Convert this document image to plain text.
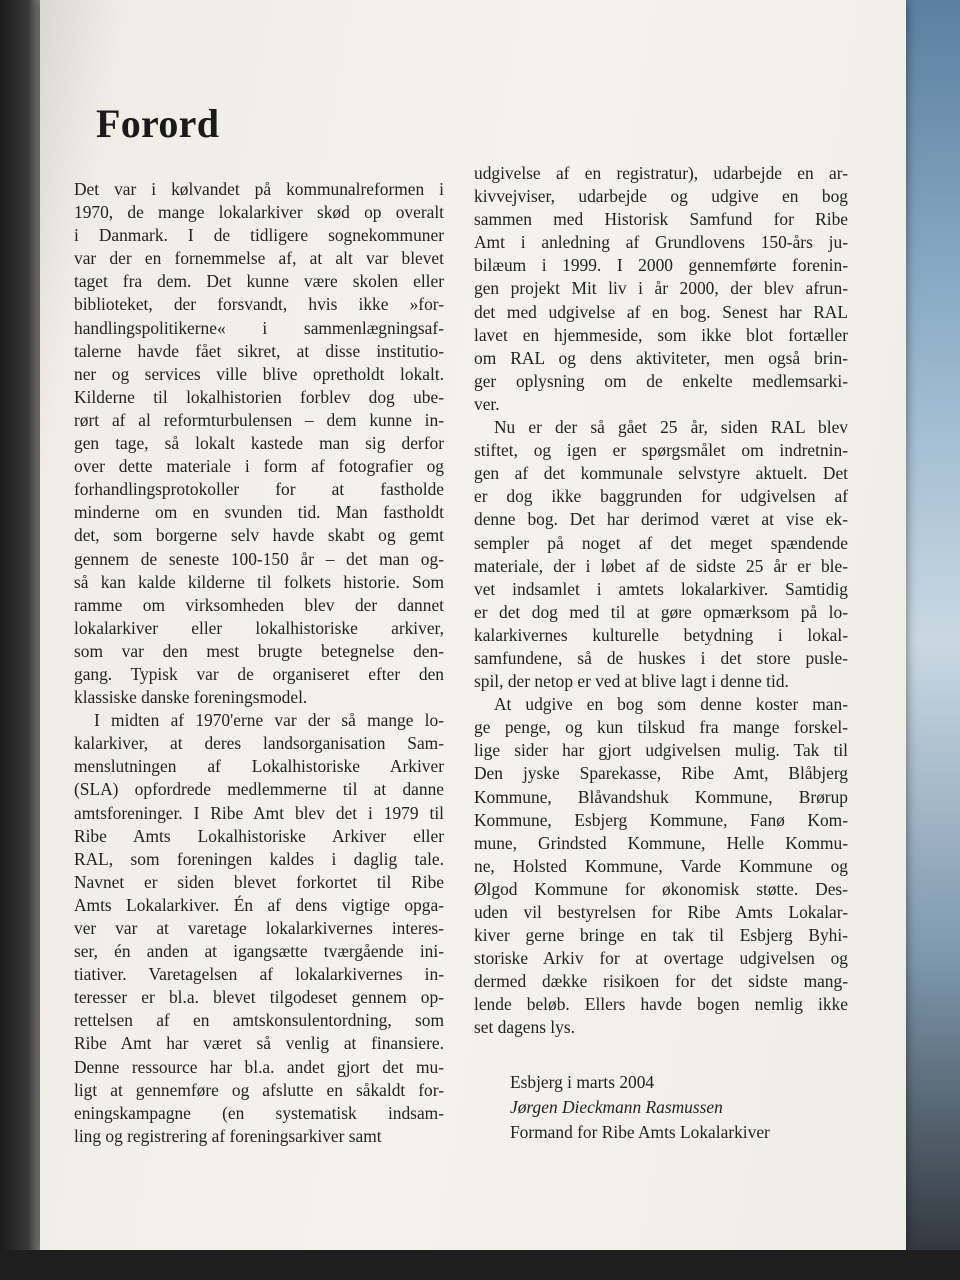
Forord
Det var i kølvandet på kommunalreformen i
1970, de mange lokalarkiver skød op overalt
i Danmark. I de tidligere sognekommuner
var der en fornemmelse af, at alt var blevet
taget fra dem. Det kunne være skolen eller
biblioteket, der forsvandt, hvis ikke »for-
handlingspolitikerne« i sammenlægningsaf-
talerne havde fået sikret, at disse institutio-
ner og services ville blive opretholdt lokalt.
Kilderne til lokalhistorien forblev dog ube-
rørt af al reformturbulensen – dem kunne in-
gen tage, så lokalt kastede man sig derfor
over dette materiale i form af fotografier og
forhandlingsprotokoller for at fastholde
minderne om en svunden tid. Man fastholdt
det, som borgerne selv havde skabt og gemt
gennem de seneste 100-150 år – det man og-
så kan kalde kilderne til folkets historie. Som
ramme om virksomheden blev der dannet
lokalarkiver eller lokalhistoriske arkiver,
som var den mest brugte betegnelse den-
gang. Typisk var de organiseret efter den
klassiske danske foreningsmodel.
I midten af 1970'erne var der så mange lo-
kalarkiver, at deres landsorganisation Sam-
menslutningen af Lokalhistoriske Arkiver
(SLA) opfordrede medlemmerne til at danne
amtsforeninger. I Ribe Amt blev det i 1979 til
Ribe Amts Lokalhistoriske Arkiver eller
RAL, som foreningen kaldes i daglig tale.
Navnet er siden blevet forkortet til Ribe
Amts Lokalarkiver. Én af dens vigtige opga-
ver var at varetage lokalarkivernes interes-
ser, én anden at igangsætte tværgående ini-
tiativer. Varetagelsen af lokalarkivernes in-
teresser er bl.a. blevet tilgodeset gennem op-
rettelsen af en amtskonsulentordning, som
Ribe Amt har været så venlig at finansiere.
Denne ressource har bl.a. andet gjort det mu-
ligt at gennemføre og afslutte en såkaldt for-
eningskampagne (en systematisk indsam-
ling og registrering af foreningsarkiver samt
udgivelse af en registratur), udarbejde en ar-
kivvejviser, udarbejde og udgive en bog
sammen med Historisk Samfund for Ribe
Amt i anledning af Grundlovens 150-års ju-
bilæum i 1999. I 2000 gennemførte forenin-
gen projekt Mit liv i år 2000, der blev afrun-
det med udgivelse af en bog. Senest har RAL
lavet en hjemmeside, som ikke blot fortæller
om RAL og dens aktiviteter, men også brin-
ger oplysning om de enkelte medlemsarki-
ver.
Nu er der så gået 25 år, siden RAL blev
stiftet, og igen er spørgsmålet om indretnin-
gen af det kommunale selvstyre aktuelt. Det
er dog ikke baggrunden for udgivelsen af
denne bog. Det har derimod været at vise ek-
sempler på noget af det meget spændende
materiale, der i løbet af de sidste 25 år er ble-
vet indsamlet i amtets lokalarkiver. Samtidig
er det dog med til at gøre opmærksom på lo-
kalarkivernes kulturelle betydning i lokal-
samfundene, så de huskes i det store pusle-
spil, der netop er ved at blive lagt i denne tid.
At udgive en bog som denne koster man-
ge penge, og kun tilskud fra mange forskel-
lige sider har gjort udgivelsen mulig. Tak til
Den jyske Sparekasse, Ribe Amt, Blåbjerg
Kommune, Blåvandshuk Kommune, Brørup
Kommune, Esbjerg Kommune, Fanø Kom-
mune, Grindsted Kommune, Helle Kommu-
ne, Holsted Kommune, Varde Kommune og
Ølgod Kommune for økonomisk støtte. Des-
uden vil bestyrelsen for Ribe Amts Lokalar-
kiver gerne bringe en tak til Esbjerg Byhi-
storiske Arkiv for at overtage udgivelsen og
dermed dække risikoen for det sidste mang-
lende beløb. Ellers havde bogen nemlig ikke
set dagens lys.
Esbjerg i marts 2004
Jørgen Dieckmann Rasmussen
Formand for Ribe Amts Lokalarkiver
